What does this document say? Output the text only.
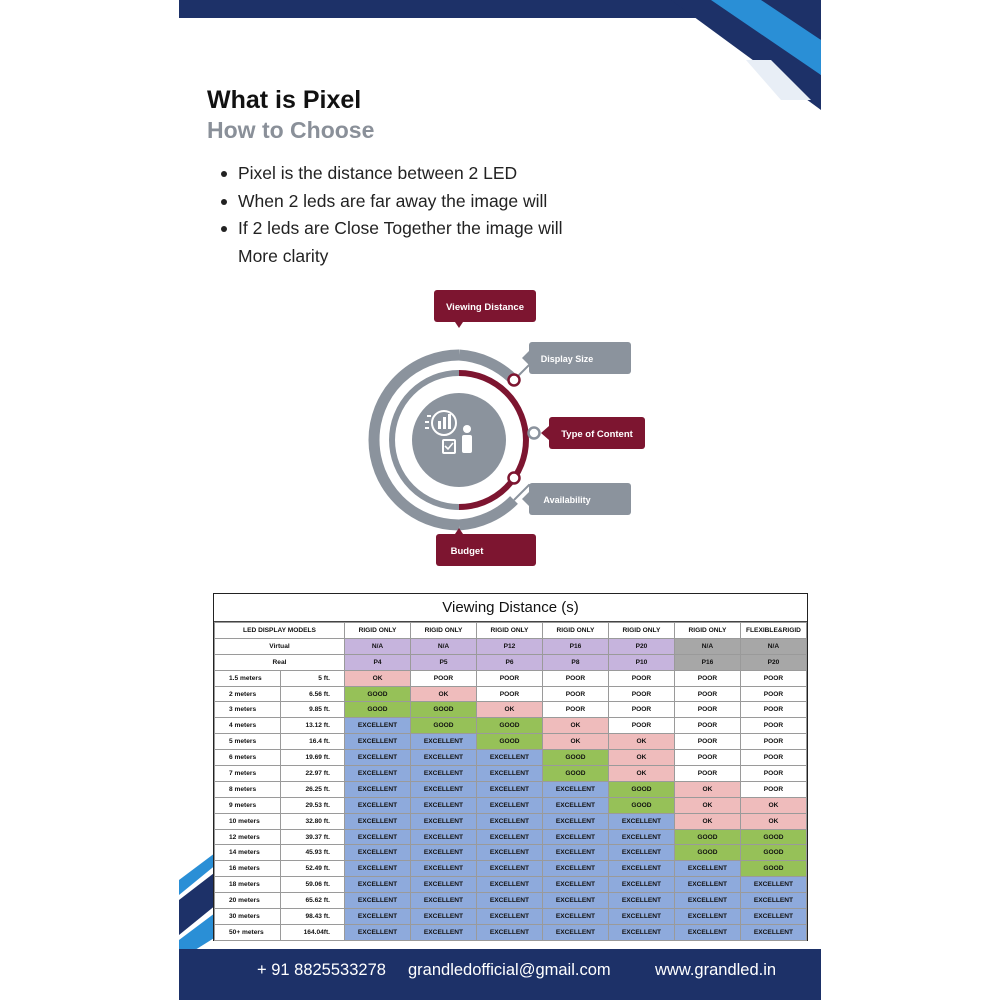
What is Pixel
How to Choose
Pixel is the distance between 2 LED
When 2 leds are far away the image will
If 2 leds are Close Together the image will
More clarity
Viewing Distance
Display Size
Type of Content
Availability
Budget
Viewing Distance (s)
LED DISPLAY MODELS		RIGID ONLY	RIGID ONLY	RIGID ONLY	RIGID ONLY	RIGID ONLY	RIGID ONLY	FLEXIBLE&RIGID
Virtual		N/A	N/A	P12	P16	P20	N/A	N/A
Real		P4	P5	P6	P8	P10	P16	P20
1.5 meters	5 ft.	OK	POOR	POOR	POOR	POOR	POOR	POOR
2 meters	6.56 ft.	GOOD	OK	POOR	POOR	POOR	POOR	POOR
3 meters	9.85 ft.	GOOD	GOOD	OK	POOR	POOR	POOR	POOR
4 meters	13.12 ft.	EXCELLENT	GOOD	GOOD	OK	POOR	POOR	POOR
5 meters	16.4 ft.	EXCELLENT	EXCELLENT	GOOD	OK	OK	POOR	POOR
6 meters	19.69 ft.	EXCELLENT	EXCELLENT	EXCELLENT	GOOD	OK	POOR	POOR
7 meters	22.97 ft.	EXCELLENT	EXCELLENT	EXCELLENT	GOOD	OK	POOR	POOR
8 meters	26.25 ft.	EXCELLENT	EXCELLENT	EXCELLENT	EXCELLENT	GOOD	OK	POOR
9 meters	29.53 ft.	EXCELLENT	EXCELLENT	EXCELLENT	EXCELLENT	GOOD	OK	OK
10 meters	32.80 ft.	EXCELLENT	EXCELLENT	EXCELLENT	EXCELLENT	EXCELLENT	OK	OK
12 meters	39.37 ft.	EXCELLENT	EXCELLENT	EXCELLENT	EXCELLENT	EXCELLENT	GOOD	GOOD
14 meters	45.93 ft.	EXCELLENT	EXCELLENT	EXCELLENT	EXCELLENT	EXCELLENT	GOOD	GOOD
16 meters	52.49 ft.	EXCELLENT	EXCELLENT	EXCELLENT	EXCELLENT	EXCELLENT	EXCELLENT	GOOD
18 meters	59.06 ft.	EXCELLENT	EXCELLENT	EXCELLENT	EXCELLENT	EXCELLENT	EXCELLENT	EXCELLENT
20 meters	65.62 ft.	EXCELLENT	EXCELLENT	EXCELLENT	EXCELLENT	EXCELLENT	EXCELLENT	EXCELLENT
30 meters	98.43 ft.	EXCELLENT	EXCELLENT	EXCELLENT	EXCELLENT	EXCELLENT	EXCELLENT	EXCELLENT
50+ meters	164.04ft.	EXCELLENT	EXCELLENT	EXCELLENT	EXCELLENT	EXCELLENT	EXCELLENT	EXCELLENT
+ 91 8825533278 grandledofficial@gmail.com	www.grandled.in
